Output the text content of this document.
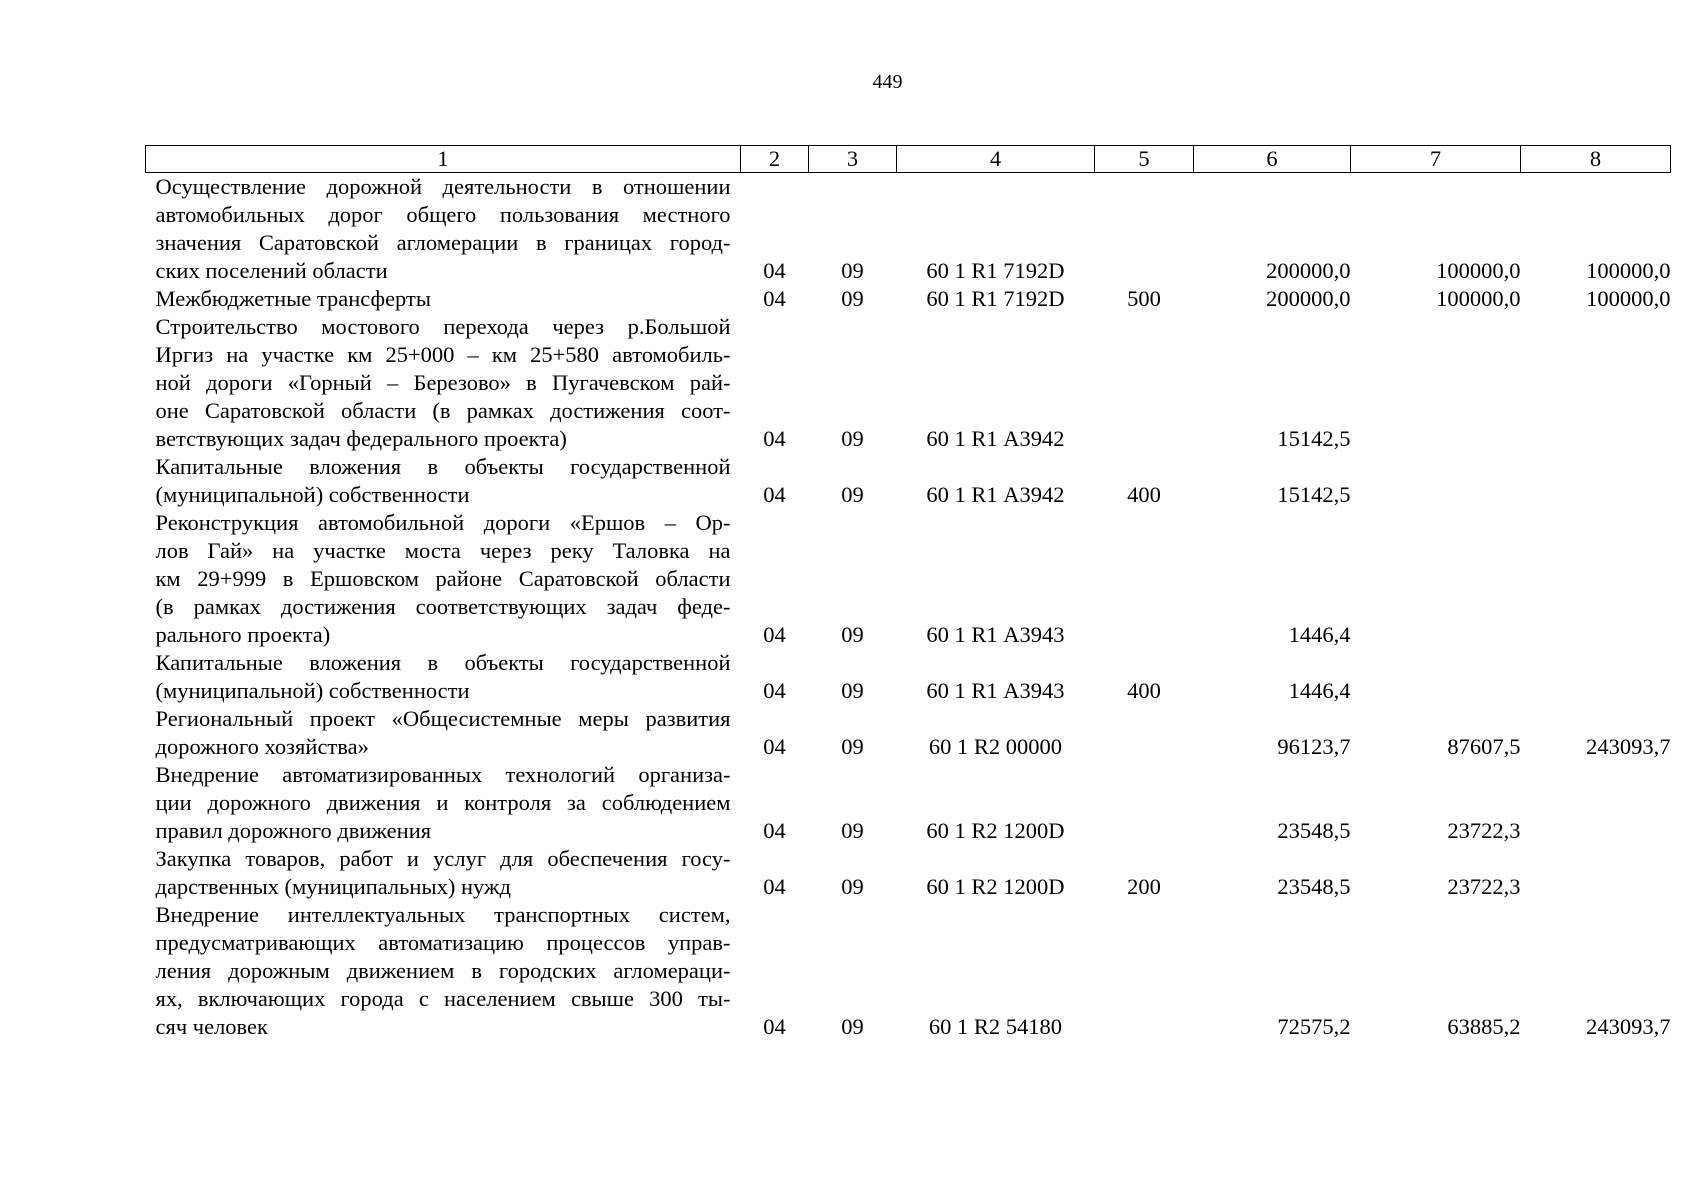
449
1	2	3	4	5	6	7	8

Осуществление дорожной деятельности в отношении
автомобильных дорог общего пользования местного
значения Саратовской агломерации в границах город-
ских поселений области	04	09	60 1 R1 7192D		200000,0	100000,0	100000,0

Межбюджетные трансферты	04	09	60 1 R1 7192D	500	200000,0	100000,0	100000,0

Строительство мостового перехода через р.Большой
Иргиз на участке км 25+000 – км 25+580 автомобиль-
ной дороги «Горный – Березово» в Пугачевском рай-
оне Саратовской области (в рамках достижения соот-
ветствующих задач федерального проекта)	04	09	60 1 R1 А3942		15142,5		

Капитальные вложения в объекты государственной
(муниципальной) собственности	04	09	60 1 R1 А3942	400	15142,5		

Реконструкция автомобильной дороги «Ершов – Ор-
лов Гай» на участке моста через реку Таловка на
км 29+999 в Ершовском районе Саратовской области
(в рамках достижения соответствующих задач феде-
рального проекта)	04	09	60 1 R1 А3943		1446,4		

Капитальные вложения в объекты государственной
(муниципальной) собственности	04	09	60 1 R1 А3943	400	1446,4		

Региональный проект «Общесистемные меры развития
дорожного хозяйства»	04	09	60 1 R2 00000		96123,7	87607,5	243093,7

Внедрение автоматизированных технологий организа-
ции дорожного движения и контроля за соблюдением
правил дорожного движения	04	09	60 1 R2 1200D		23548,5	23722,3	

Закупка товаров, работ и услуг для обеспечения госу-
дарственных (муниципальных) нужд	04	09	60 1 R2 1200D	200	23548,5	23722,3	

Внедрение интеллектуальных транспортных систем,
предусматривающих автоматизацию процессов управ-
ления дорожным движением в городских агломераци-
ях, включающих города с населением свыше 300 ты-
сяч человек	04	09	60 1 R2 54180		72575,2	63885,2	243093,7
